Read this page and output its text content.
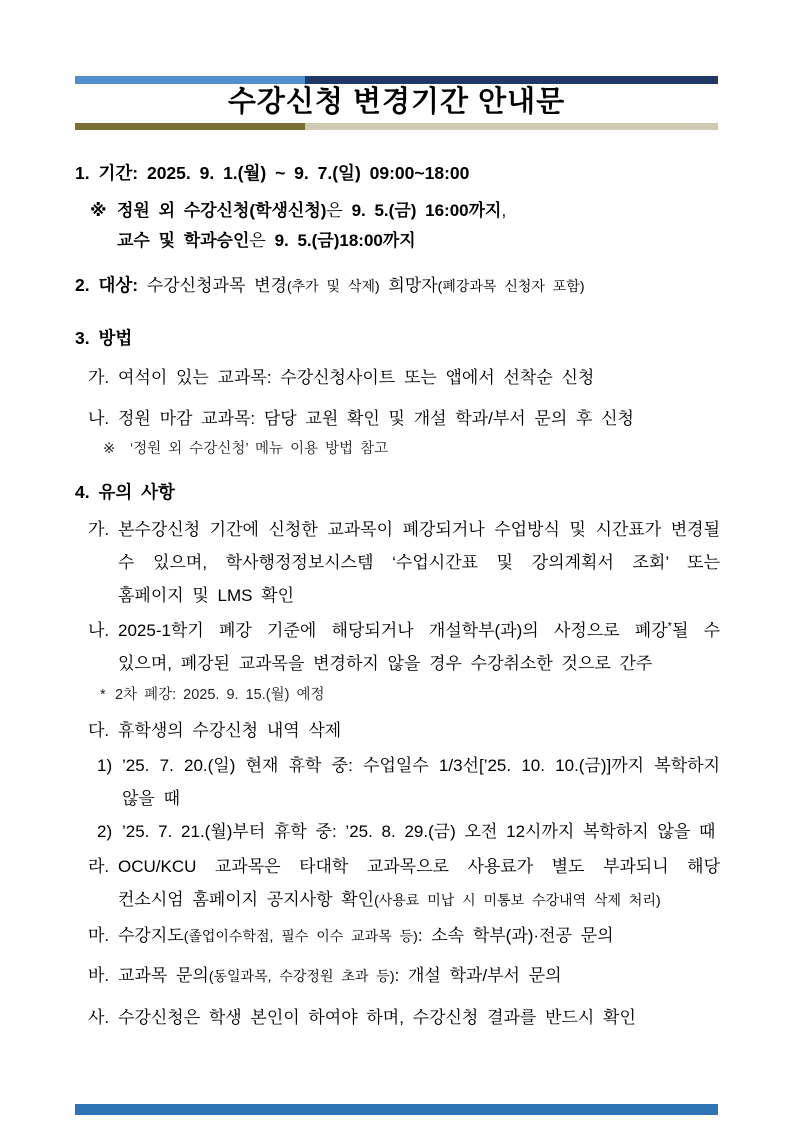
수강신청 변경기간 안내문
1. 기간: 2025. 9. 1.(월) ~ 9. 7.(일) 09:00~18:00
※ 정원 외 수강신청(학생신청)은 9. 5.(금) 16:00까지,
교수 및 학과승인은 9. 5.(금)18:00까지
2. 대상: 수강신청과목 변경(추가 및 삭제) 희망자(폐강과목 신청자 포함)
3. 방법
가. 여석이 있는 교과목: 수강신청사이트 또는 앱에서 선착순 신청
나. 정원 마감 교과목: 담당 교원 확인 및 개설 학과/부서 문의 후 신청
※	‘정원 외 수강신청’ 메뉴 이용 방법 참고
4. 유의 사항
가. 본수강신청 기간에 신청한 교과목이 폐강되거나 수업방식 및 시간표가 변경될 수 있으며, 학사행정정보시스템 ‘수업시간표 및 강의계획서 조회’ 또는 홈페이지 및 LMS 확인
나. 2025-1학기 폐강 기준에 해당되거나 개설학부(과)의 사정으로 폐강*될 수 있으며, 폐강된 교과목을 변경하지 않을 경우 수강취소한 것으로 간주
* 2차 폐강: 2025. 9. 15.(월) 예정
다. 휴학생의 수강신청 내역 삭제
1) ’25. 7. 20.(일) 현재 휴학 중: 수업일수 1/3선[’25. 10. 10.(금)]까지 복학하지 않을 때
2) ’25. 7. 21.(월)부터 휴학 중: ’25. 8. 29.(금) 오전 12시까지 복학하지 않을 때
라. OCU/KCU 교과목은 타대학 교과목으로 사용료가 별도 부과되니 해당 컨소시엄 홈페이지 공지사항 확인(사용료 미납 시 미통보 수강내역 삭제 처리)
마. 수강지도(졸업이수학점, 필수 이수 교과목 등): 소속 학부(과)·전공 문의
바. 교과목 문의(동일과목, 수강정원 초과 등): 개설 학과/부서 문의
사. 수강신청은 학생 본인이 하여야 하며, 수강신청 결과를 반드시 확인
